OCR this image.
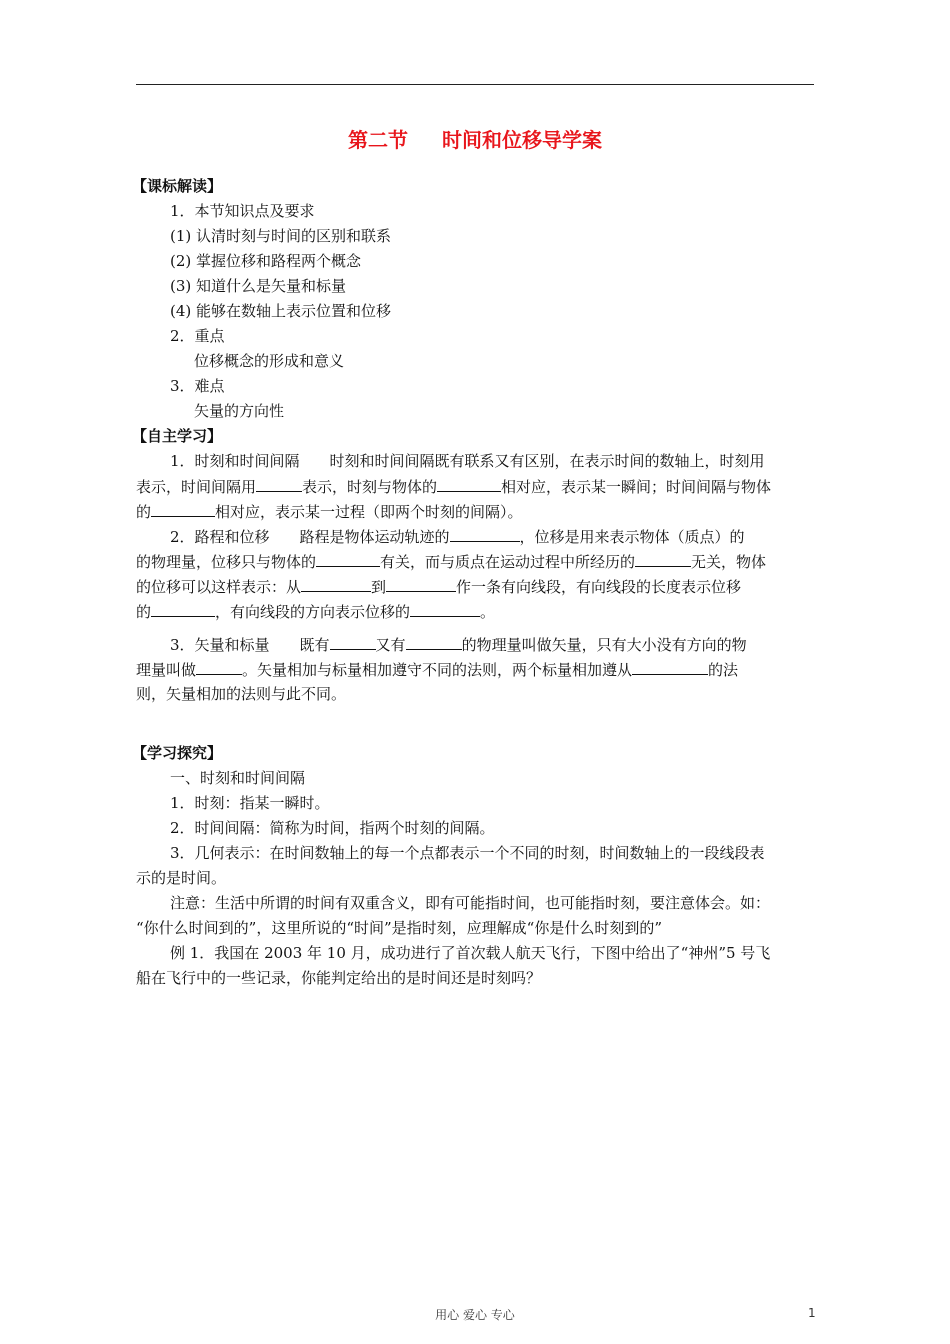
第二节 时间和位移导学案
【课标解读】
1．本节知识点及要求
(1) 认清时刻与时间的区别和联系
(2) 掌握位移和路程两个概念
(3) 知道什么是矢量和标量
(4) 能够在数轴上表示位置和位移
2．重点
位移概念的形成和意义
3．难点
矢量的方向性
【自主学习】
1．时刻和时间间隔　　时刻和时间间隔既有联系又有区别，在表示时间的数轴上，时刻用
表示，时间间隔用	表示，时刻与物体的	相对应，表示某一瞬间；时间间隔与物体
的	相对应，表示某一过程（即两个时刻的间隔）。
2．路程和位移　　路程是物体运动轨迹的	，位移是用来表示物体（质点）的
的物理量，位移只与物体的	有关，而与质点在运动过程中所经历的	无关，物体
的位移可以这样表示：从	到	作一条有向线段，有向线段的长度表示位移
的	，有向线段的方向表示位移的	。
3．矢量和标量　　既有	又有	的物理量叫做矢量，只有大小没有方向的物
理量叫做	。矢量相加与标量相加遵守不同的法则，两个标量相加遵从	的法
则，矢量相加的法则与此不同。
【学习探究】
一、时刻和时间间隔
1．时刻：指某一瞬时。
2．时间间隔：简称为时间，指两个时刻的间隔。
3．几何表示：在时间数轴上的每一个点都表示一个不同的时刻，时间数轴上的一段线段表
示的是时间。
注意：生活中所谓的时间有双重含义，即有可能指时间，也可能指时刻，要注意体会。如：
“你什么时间到的”，这里所说的“时间”是指时刻，应理解成“你是什么时刻到的”
例 1．我国在 2003 年 10 月，成功进行了首次载人航天飞行，下图中给出了“神州”5 号飞
船在飞行中的一些记录，你能判定给出的是时间还是时刻吗？
用心 爱心 专心	1
